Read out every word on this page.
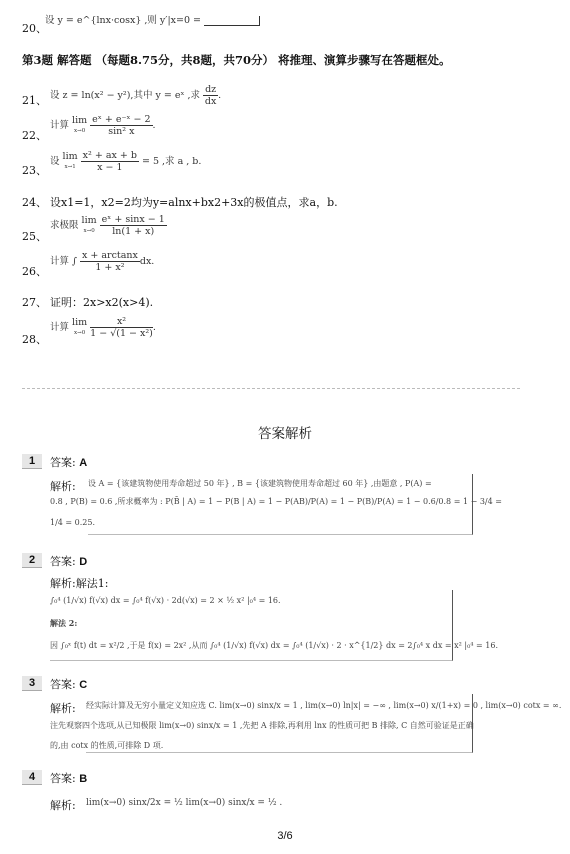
20、
设 y = e^{lnx·cosx} ,则 y′|x=0 =
第3题 解答题 （每题8.75分，共8题，共70分） 将推理、演算步骤写在答题框处。
21、 设 z = ln(x² − y²),其中 y = eˣ ,求 $\frac{dz}{dx}$ .
22、
计算 lim
x→0
$\frac{\text{eˣ + e⁻ˣ − 2}}{\text{sin² x}}$ .
23、
设 lim
x→1
$\frac{\text{x² + ax + b}}{x - 1} = 5$ ,求 a , b.
24、 设x1=1，x2=2均为y=alnx+bx2+3x的极值点，求a，b.
25、
求极限 lim
x→0
$\frac{\text{eˣ + sinx − 1}}{\ln(1 + x)}$
26、
计算 ∫ $\frac{x + \arctan x}{\text{1 + x²}}$ dx.
27、 证明：2x>x2(x>4).
28、
计算 lim
x→0
$\frac{\text{x²}}{\text{1 − √(1 − x²)}}$ .
答案解析
1	答案: A
解析: 设 A = {该建筑物使用寿命超过 50 年} , B = {该建筑物使用寿命超过 60 年} ,由题意 , P(A) =
0.8 , P(B) = 0.6 ,所求概率为 : P(B̄ | A) = 1 − P(B | A) = 1 − P(AB)/P(A) = 1 − P(B)/P(A) = 1 − 0.6/0.8 = 1 − 3/4 =
1/4 = 0.25.
2	答案: D
解析:解法1:
∫₀⁴ (1/√x) f(√x) dx = ∫₀⁴ f(√x) · 2d(√x) = 2 × ½ x² |₀⁴ = 16.
解法 2:
因 ∫₀ˣ f(t) dt = x²/2 ,于是 f(x) = 2x² ,从而 ∫₀⁴ (1/√x) f(√x) dx = ∫₀⁴ (1/√x) · 2 · x^{1/2} dx = 2∫₀⁴ x dx = x² |₀⁴ = 16.
3	答案: C
解析: 经实际计算及无穷小量定义知应选 C. lim(x→0) sinx/x = 1 , lim(x→0) ln|x| = −∞ , lim(x→0) x/(1+x) = 0 , lim(x→0) cotx = ∞.
注先观察四个选项,从已知极限 lim(x→0) sinx/x = 1 ,先把 A 排除,再利用 lnx 的性质可把 B 排除, C 自然可验证是正确
的,由 cotx 的性质,可排除 D 项.
4	答案: B
解析: lim(x→0) sinx/2x = ½ lim(x→0) sinx/x = ½ .
3/6
